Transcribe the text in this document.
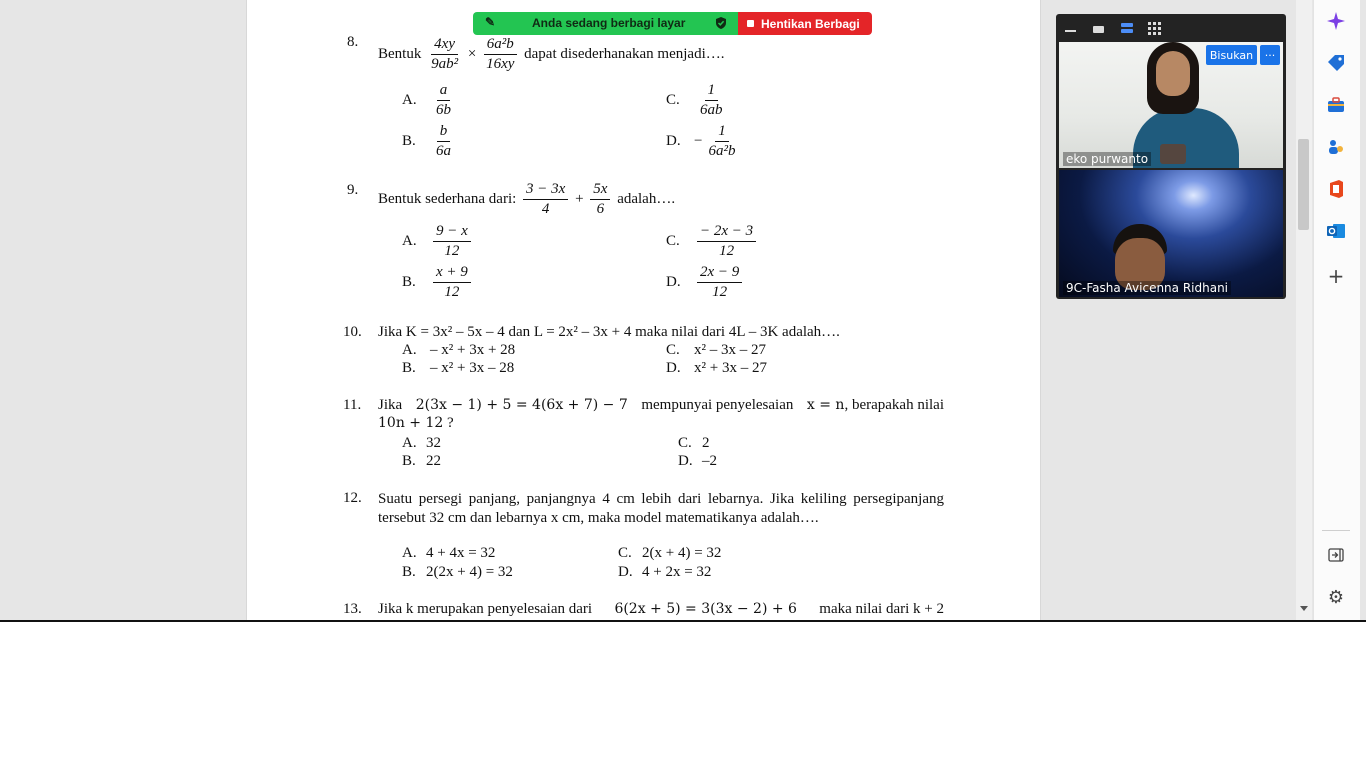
8.
Bentuk $\frac{4xy}{\text{9ab²}} \times \frac{\text{6a²b}}{16xy}$ dapat disederhanakan menjadi….
A. $\frac{a}{6b}$
B. $\frac{b}{6a}$
C. $\frac{1}{6ab}$
D. − $\frac{1}{\text{6a²b}}$
9.
Bentuk sederhana dari: $\frac{3 - 3x}{4} + \frac{5x}{6}$ adalah….
A. $\frac{9 - x}{12}$
B. $\frac{x + 9}{12}$
C. $\frac{- 2x - 3}{12}$
D. $\frac{2x - 9}{12}$
10. Jika K = 3x² – 5x – 4 dan L = 2x² – 3x + 4 maka nilai dari 4L – 3K adalah….
A. – x² + 3x + 28
B. – x² + 3x – 28
C. x² – 3x – 27
D. x² + 3x – 27
11. Jika 2(3x − 1) + 5 = 4(6x + 7) − 7 mempunyai penyelesaian x = n, berapakah nilai
10n + 12 ?
A. 32
B. 22
C. 2
D. –2
12. Suatu persegi panjang, panjangnya 4 cm lebih dari lebarnya. Jika keliling persegipanjang tersebut 32 cm dan lebarnya x cm, maka model matematikanya adalah….
A. 4 + 4x = 32
B. 2(2x + 4) = 32
C. 2(x + 4) = 32
D. 4 + 2x = 32
13. Jika k merupakan penyelesaian dari 6(2x + 5) = 3(3x − 2) + 6 maka nilai dari k + 2
✎	Anda sedang berbagi layar	Hentikan Berbagi
Bisukan	···
eko purwanto
9C-Fasha Avicenna Ridhani	+
⚙
